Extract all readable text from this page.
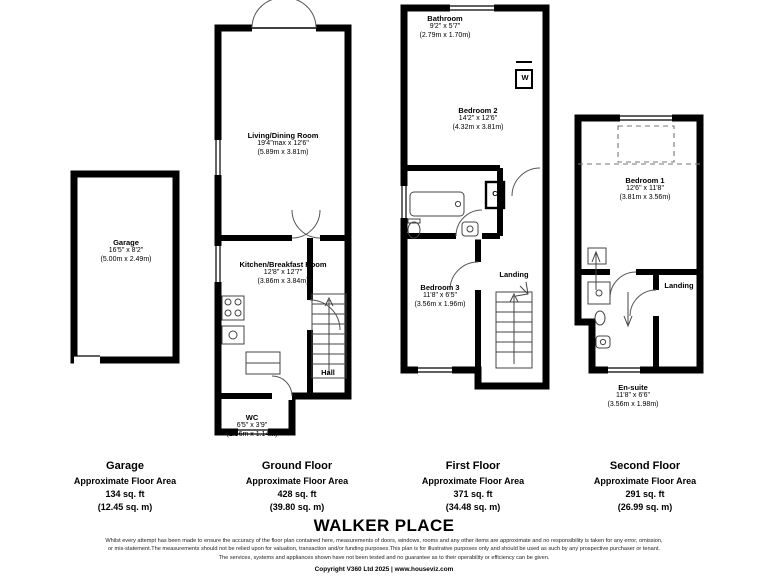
Garage
16'5" x 8'2"
(5.00m x 2.49m)
Living/Dining Room
19'4"max x 12'6"
(5.89m x 3.81m)
Kitchen/Breakfast Room
12'8" x 12'7"
(3.86m x 3.84m)
Hall
WC
6'5" x 3'9"
(1.96m x 1.14m)
Bathroom
9'2" x 5'7"
(2.79m x 1.70m)
Bedroom 2
14'2" x 12'6"
(4.32m x 3.81m)
Bedroom 3
11'8" x 6'5"
(3.56m x 1.96m)
Landing
C
W
Bedroom 1
12'6" x 11'8"
(3.81m x 3.56m)
Landing
En-suite
11'8" x 6'6"
(3.56m x 1.98m)
Garage
Approximate Floor Area
134 sq. ft
(12.45 sq. m)
Ground Floor
Approximate Floor Area
428 sq. ft
(39.80 sq. m)
First Floor
Approximate Floor Area
371 sq. ft
(34.48 sq. m)
Second Floor
Approximate Floor Area
291 sq. ft
(26.99 sq. m)
WALKER PLACE
Whilst every attempt has been made to ensure the accuracy of the floor plan contained here, measurements of doors, windows, rooms and any other items are approximate and no responsibility is taken for any error, omission,
or mis-statement.The measurements should not be relied upon for valuation, transaction and/or funding purposes.This plan is for illustrative purposes only and should be used as such by any prospective purchaser or tenant.
The services, systems and appliances shown have not been tested and no guarantee as to their operability or efficiency can be given.
Copyright V360 Ltd 2025 | www.houseviz.com
